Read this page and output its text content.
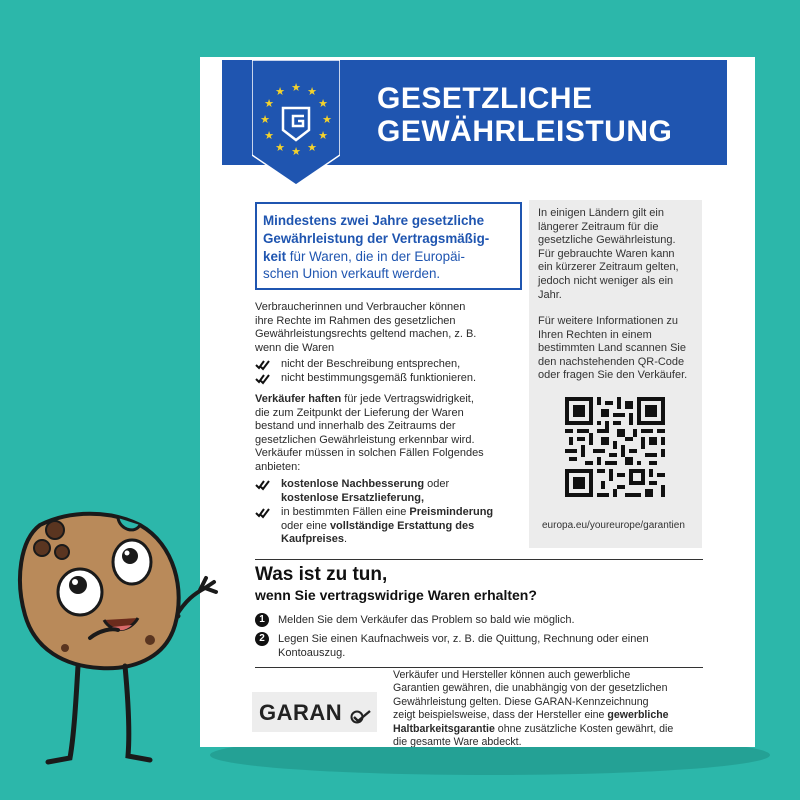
★ ★
★
★
★
★
★
★
★
★
★
★	GESETZLICHE
GEWÄHRLEISTUNG
Mindestens zwei Jahre gesetzliche
Gewährleistung der Vertragsmäßig-
keit für Waren, die in der Europäi-
schen Union verkauft werden.
Verbraucherinnen und Verbraucher können
ihre Rechte im Rahmen des gesetzlichen
Gewährleistungsrechts geltend machen, z. B.
wenn die Waren
nicht der Beschreibung entsprechen,
nicht bestimmungsgemäß funktionieren.
Verkäufer haften für jede Vertragswidrigkeit,
die zum Zeitpunkt der Lieferung der Waren
bestand und innerhalb des Zeitraums der
gesetzlichen Gewährleistung erkennbar wird.
Verkäufer müssen in solchen Fällen Folgendes
anbieten:
kostenlose Nachbesserung oder
kostenlose Ersatzlieferung,
in bestimmten Fällen eine Preisminderung
oder eine vollständige Erstattung des
Kaufpreises.
In einigen Ländern gilt ein
längerer Zeitraum für die
gesetzliche Gewährleistung.
Für gebrauchte Waren kann
ein kürzerer Zeitraum gelten,
jedoch nicht weniger als ein
Jahr.
Für weitere Informationen zu
Ihren Rechten in einem
bestimmten Land scannen Sie
den nachstehenden QR-Code
oder fragen Sie den Verkäufer.
europa.eu/youreurope/garantien
Was ist zu tun,
wenn Sie vertragswidrige Waren erhalten?
1	Melden Sie dem Verkäufer das Problem so bald wie möglich.
2	Legen Sie einen Kaufnachweis vor, z. B. die Quittung, Rechnung oder einen
Kontoauszug.
GARAN
Verkäufer und Hersteller können auch gewerbliche
Garantien gewähren, die unabhängig von der gesetzlichen
Gewährleistung gelten. Diese GARAN-Kennzeichnung
zeigt beispielsweise, dass der Hersteller eine gewerbliche
Haltbarkeitsgarantie ohne zusätzliche Kosten gewährt, die
die gesamte Ware abdeckt.
